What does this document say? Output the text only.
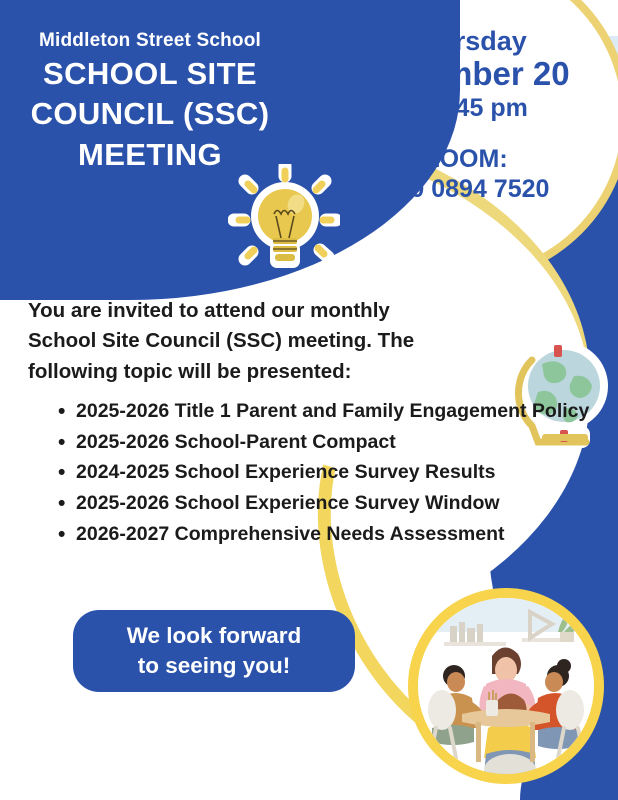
Middleton Street School
SCHOOL SITE
COUNCIL (SSC)
MEETING
Thursday
November 20
at 2:45 pm
ZOOM:
860 0894 7520
You are invited to attend our monthly
School Site Council (SSC) meeting. The
following topic will be presented:
• 2025-2026 Title 1 Parent and Family Engagement Policy
• 2025-2026 School-Parent Compact
• 2024-2025 School Experience Survey Results
• 2025-2026 School Experience Survey Window
• 2026-2027 Comprehensive Needs Assessment
We look forward
to seeing you!
